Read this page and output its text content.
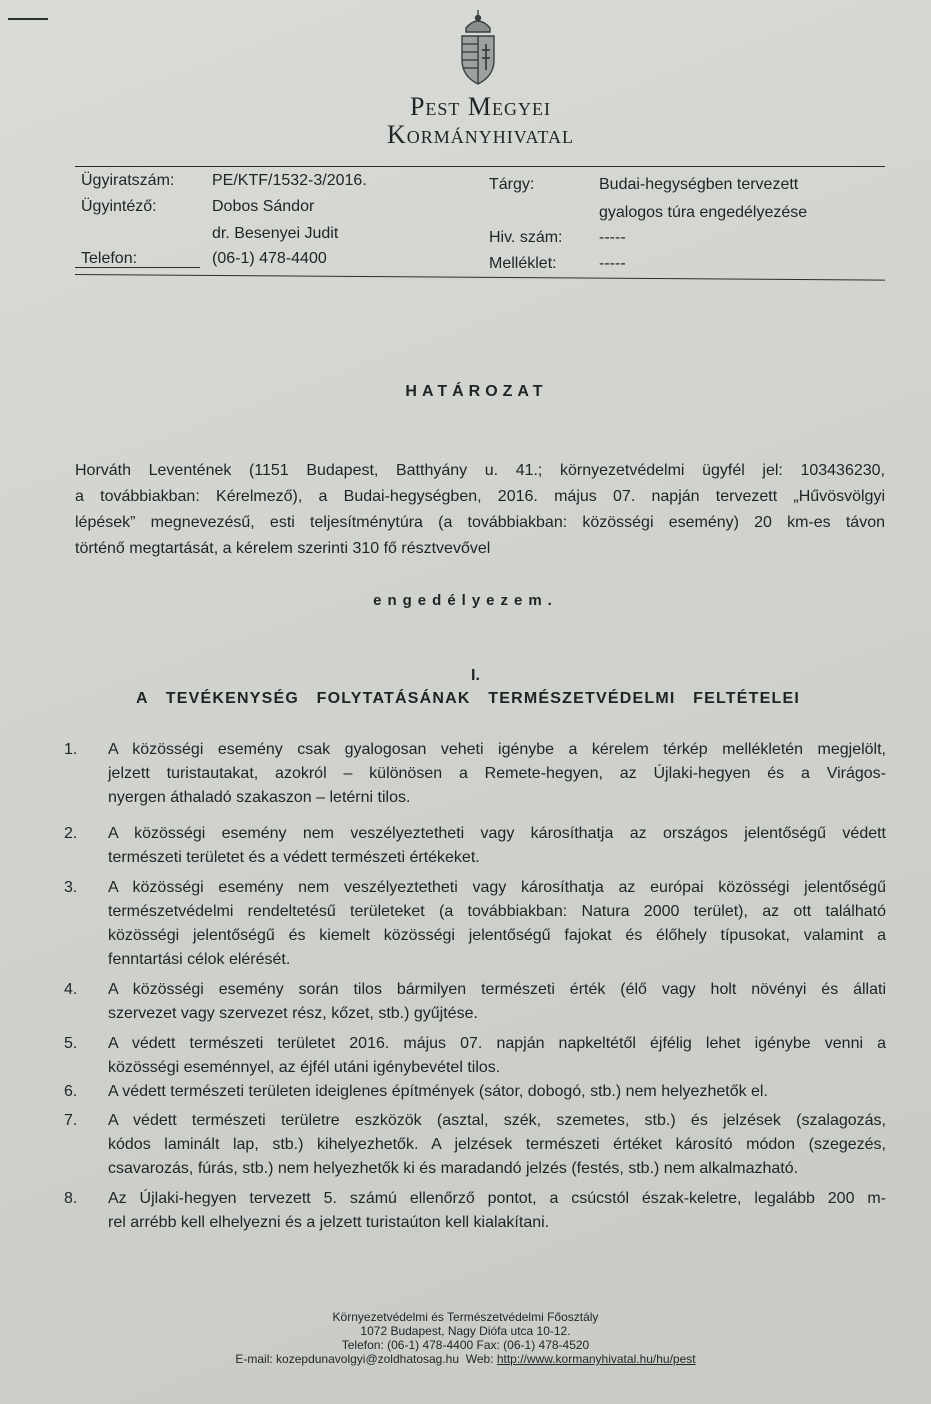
Pest Megyei
Kormányhivatal
Ügyiratszám: PE/KTF/1532-3/2016.
Ügyintéző:	Dobos Sándor
dr. Besenyei Judit
Telefon:	(06-1) 478-4400
Tárgy:	Budai-hegységben tervezett
gyalogos túra engedélyezése
Hiv. szám: -----
Melléklet:	-----
HATÁROZAT
Horváth Leventének (1151 Budapest, Batthyány u. 41.; környezetvédelmi ügyfél jel: 103436230,
a továbbiakban: Kérelmező), a Budai-hegységben, 2016. május 07. napján tervezett „Hűvösvölgyi
lépések” megnevezésű, esti teljesítménytúra (a továbbiakban: közösségi esemény) 20 km-es távon
történő megtartását, a kérelem szerinti 310 fő résztvevővel
engedélyezem.
I.
A TEVÉKENYSÉG FOLYTATÁSÁNAK TERMÉSZETVÉDELMI FELTÉTELEI
1.	A közösségi esemény csak gyalogosan veheti igénybe a kérelem térkép mellékletén megjelölt,
jelzett turistautakat, azokról – különösen a Remete-hegyen, az Újlaki-hegyen és a Virágos-
nyergen áthaladó szakaszon – letérni tilos.
2.	A közösségi esemény nem veszélyeztetheti vagy károsíthatja az országos jelentőségű védett
természeti területet és a védett természeti értékeket.
3.	A közösségi esemény nem veszélyeztetheti vagy károsíthatja az európai közösségi jelentőségű
természetvédelmi rendeltetésű területeket (a továbbiakban: Natura 2000 terület), az ott található
közösségi jelentőségű és kiemelt közösségi jelentőségű fajokat és élőhely típusokat, valamint a
fenntartási célok elérését.
4.	A közösségi esemény során tilos bármilyen természeti érték (élő vagy holt növényi és állati
szervezet vagy szervezet rész, kőzet, stb.) gyűjtése.
5.	A védett természeti területet 2016. május 07. napján napkeltétől éjfélig lehet igénybe venni a
közösségi eseménnyel, az éjfél utáni igénybevétel tilos.
6.	A védett természeti területen ideiglenes építmények (sátor, dobogó, stb.) nem helyezhetők el.
7.	A védett természeti területre eszközök (asztal, szék, szemetes, stb.) és jelzések (szalagozás,
kódos laminált lap, stb.) kihelyezhetők. A jelzések természeti értéket károsító módon (szegezés,
csavarozás, fúrás, stb.) nem helyezhetők ki és maradandó jelzés (festés, stb.) nem alkalmazható.
8.	Az Újlaki-hegyen tervezett 5. számú ellenőrző pontot, a csúcstól észak-keletre, legalább 200 m-
rel arrébb kell elhelyezni és a jelzett turistaúton kell kialakítani.
Környezetvédelmi és Természetvédelmi Főosztály
1072 Budapest, Nagy Diófa utca 10-12.
Telefon: (06-1) 478-4400 Fax: (06-1) 478-4520
E-mail: kozepdunavolgyi@zoldhatosag.hu Web: http://www.kormanyhivatal.hu/hu/pest
